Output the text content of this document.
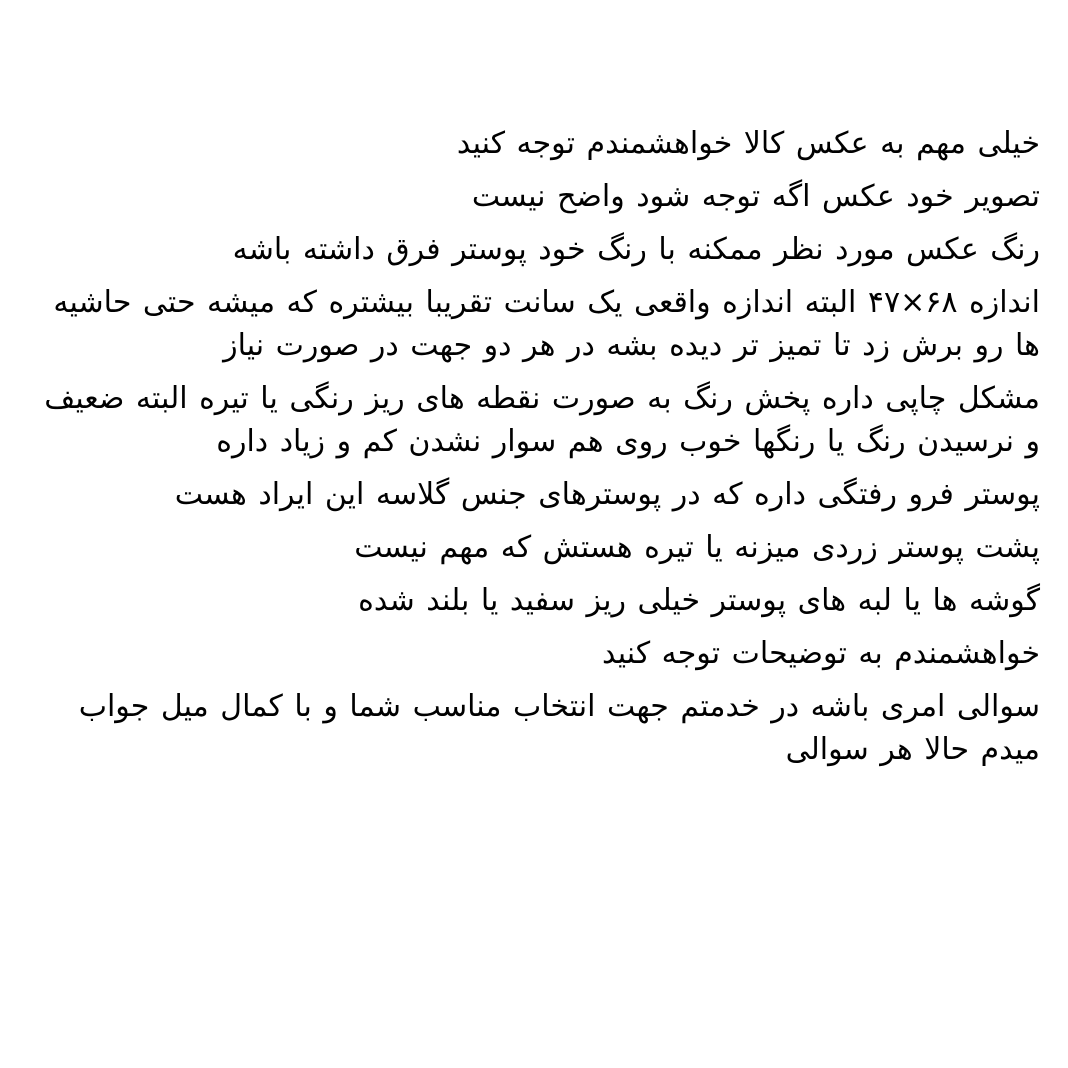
خیلی مهم به عکس کالا خواهشمندم توجه کنید

تصویر خود عکس اگه توجه شود واضح نیست

رنگ عکس مورد نظر ممکنه با رنگ خود پوستر فرق داشته باشه

اندازه ۶۸×۴۷ البته اندازه واقعی یک سانت تقریبا بیشتره که میشه حتی حاشیه ها رو برش زد تا تمیز تر دیده بشه در هر دو جهت در صورت نیاز

مشکل چاپی داره پخش رنگ به صورت نقطه های ریز رنگی یا تیره البته ضعیف و نرسیدن رنگ یا رنگها خوب روی هم سوار نشدن کم و زیاد داره

پوستر فرو رفتگی داره که در پوسترهای جنس گلاسه این ایراد هست

پشت پوستر زردی میزنه یا تیره هستش که مهم نیست

گوشه ها یا لبه های پوستر خیلی ریز سفید یا بلند شده

خواهشمندم به توضیحات توجه کنید

سوالی امری باشه در خدمتم جهت انتخاب مناسب شما و با کمال میل جواب میدم حالا هر سوالی
